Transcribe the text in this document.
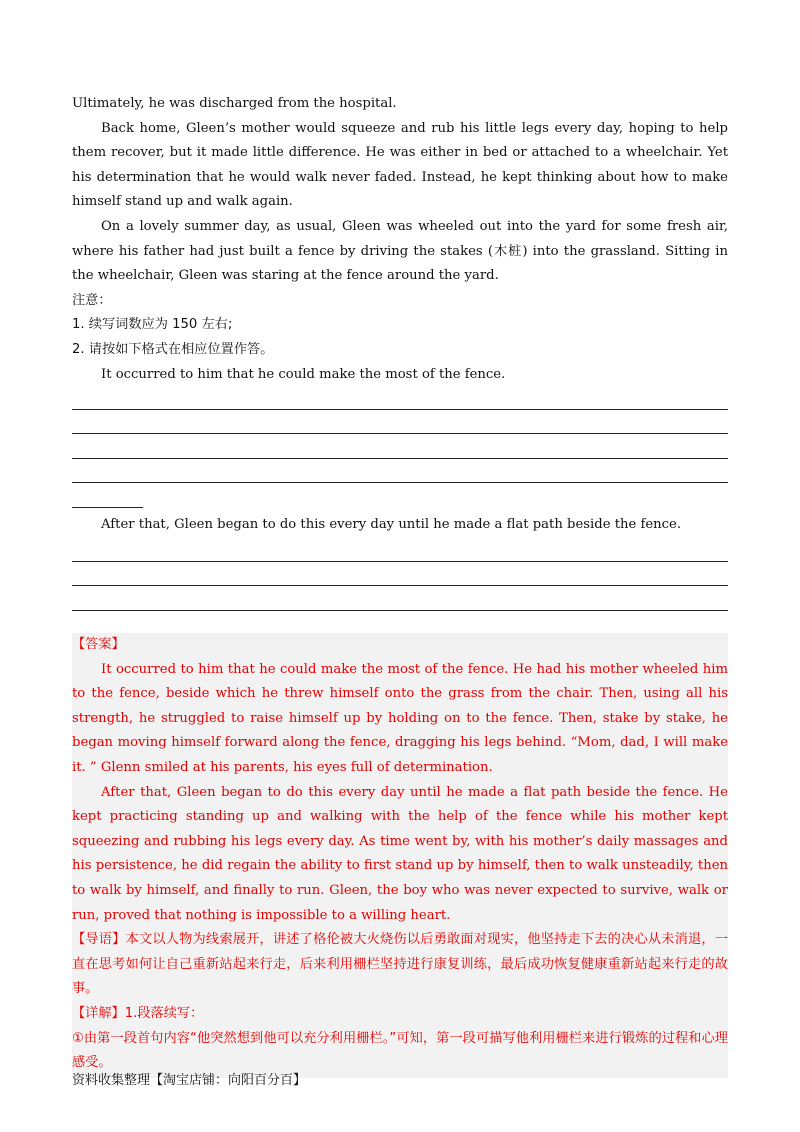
Ultimately, he was discharged from the hospital.

Back home, Gleen’s mother would squeeze and rub his little legs every day, hoping to help them recover, but it made little difference. He was either in bed or attached to a wheelchair. Yet his determination that he would walk never faded. Instead, he kept thinking about how to make himself stand up and walk again.

On a lovely summer day, as usual, Gleen was wheeled out into the yard for some fresh air, where his father had just built a fence by driving the stakes (木桩) into the grassland. Sitting in the wheelchair, Gleen was staring at the fence around the yard.

注意：

1. 续写词数应为 150 左右;

2. 请按如下格式在相应位置作答。

It occurred to him that he could make the most of the fence.

After that, Gleen began to do this every day until he made a flat path beside the fence.

【答案】

It occurred to him that he could make the most of the fence. He had his mother wheeled him to the fence, beside which he threw himself onto the grass from the chair. Then, using all his strength, he struggled to raise himself up by holding on to the fence. Then, stake by stake, he began moving himself forward along the fence, dragging his legs behind. “Mom, dad, I will make it. ” Glenn smiled at his parents, his eyes full of determination.

After that, Gleen began to do this every day until he made a flat path beside the fence. He kept practicing standing up and walking with the help of the fence while his mother kept squeezing and rubbing his legs every day. As time went by, with his mother’s daily massages and his persistence, he did regain the ability to first stand up by himself, then to walk unsteadily, then to walk by himself, and finally to run. Gleen, the boy who was never expected to survive, walk or run, proved that nothing is impossible to a willing heart.

【导语】本文以人物为线索展开，讲述了格伦被大火烧伤以后勇敢面对现实，他坚持走下去的决心从未消退，一直在思考如何让自己重新站起来行走，后来利用栅栏坚持进行康复训练，最后成功恢复健康重新站起来行走的故事。

【详解】1.段落续写：

①由第一段首句内容“他突然想到他可以充分利用栅栏。”可知，第一段可描写他利用栅栏来进行锻炼的过程和心理感受。

资料收集整理【淘宝店铺：向阳百分百】
